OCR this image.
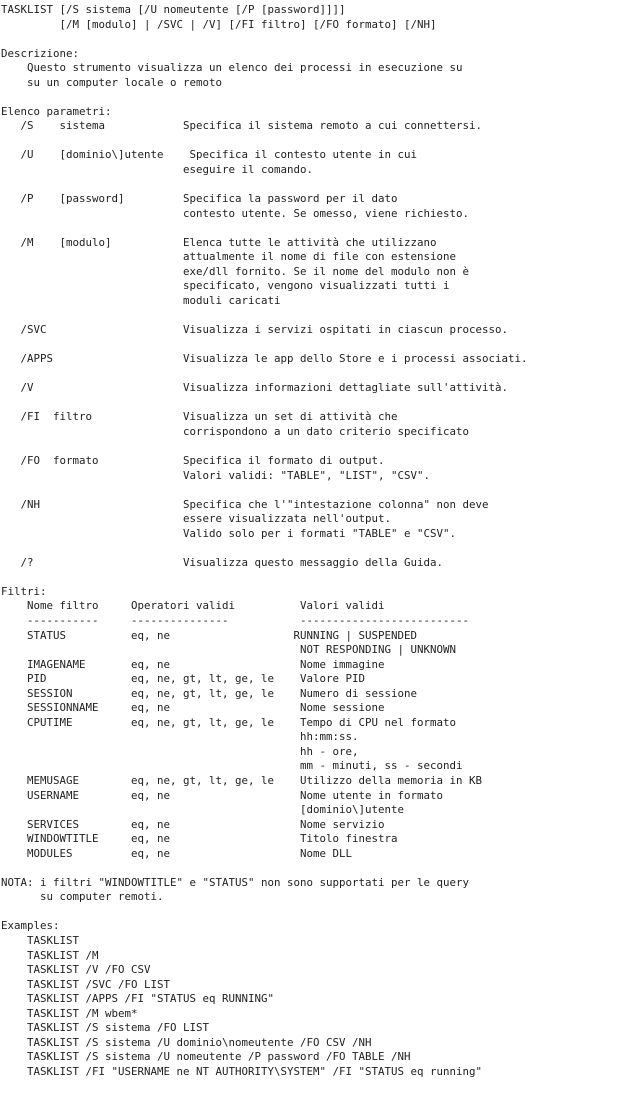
TASKLIST [/S sistema [/U nomeutente [/P [password]]]]
[/M [modulo] | /SVC | /V] [/FI filtro] [/FO formato] [/NH]
Descrizione:
Questo strumento visualizza un elenco dei processi in esecuzione su
su un computer locale o remoto
Elenco parametri:
/S    sistema            Specifica il sistema remoto a cui connettersi.
/U    [dominio\]utente    Specifica il contesto utente in cui
eseguire il comando.
/P    [password]         Specifica la password per il dato
contesto utente. Se omesso, viene richiesto.
/M    [modulo]           Elenca tutte le attività che utilizzano
attualmente il nome di file con estensione
exe/dll fornito. Se il nome del modulo non è
specificato, vengono visualizzati tutti i
moduli caricati
/SVC                     Visualizza i servizi ospitati in ciascun processo.
/APPS                    Visualizza le app dello Store e i processi associati.
/V                       Visualizza informazioni dettagliate sull'attività.
/FI  filtro              Visualizza un set di attività che
corrispondono a un dato criterio specificato
/FO  formato             Specifica il formato di output.
Valori validi: "TABLE", "LIST", "CSV".
/NH                      Specifica che l'"intestazione colonna" non deve
essere visualizzata nell'output.
Valido solo per i formati "TABLE" e "CSV".
/?                       Visualizza questo messaggio della Guida.
Filtri:
Nome filtro     Operatori validi          Valori validi
-----------     ---------------           --------------------------
STATUS          eq, ne                   RUNNING | SUSPENDED
NOT RESPONDING | UNKNOWN
IMAGENAME       eq, ne                    Nome immagine
PID             eq, ne, gt, lt, ge, le    Valore PID
SESSION         eq, ne, gt, lt, ge, le    Numero di sessione
SESSIONNAME     eq, ne                    Nome sessione
CPUTIME         eq, ne, gt, lt, ge, le    Tempo di CPU nel formato
hh:mm:ss.
hh - ore,
mm - minuti, ss - secondi
MEMUSAGE        eq, ne, gt, lt, ge, le    Utilizzo della memoria in KB
USERNAME        eq, ne                    Nome utente in formato
[dominio\]utente
SERVICES        eq, ne                    Nome servizio
WINDOWTITLE     eq, ne                    Titolo finestra
MODULES         eq, ne                    Nome DLL
NOTA: i filtri "WINDOWTITLE" e "STATUS" non sono supportati per le query
su computer remoti.
Examples:
TASKLIST
TASKLIST /M
TASKLIST /V /FO CSV
TASKLIST /SVC /FO LIST
TASKLIST /APPS /FI "STATUS eq RUNNING"
TASKLIST /M wbem*
TASKLIST /S sistema /FO LIST
TASKLIST /S sistema /U dominio\nomeutente /FO CSV /NH
TASKLIST /S sistema /U nomeutente /P password /FO TABLE /NH
TASKLIST /FI "USERNAME ne NT AUTHORITY\SYSTEM" /FI "STATUS eq running"
